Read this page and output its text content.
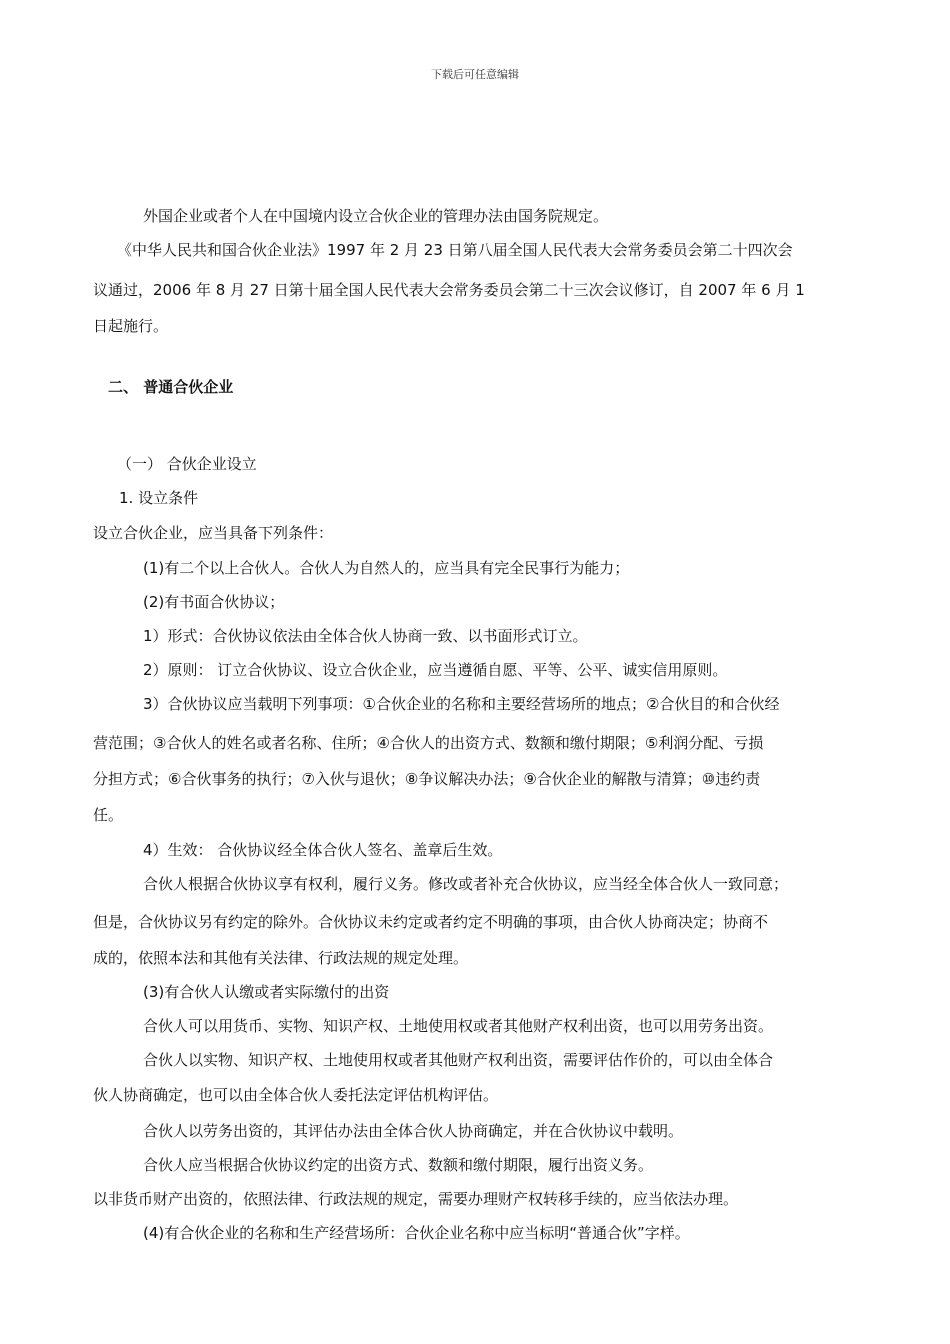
下载后可任意编辑
外国企业或者个人在中国境内设立合伙企业的管理办法由国务院规定。
《中华人民共和国合伙企业法》1997 年 2 月 23 日第八届全国人民代表大会常务委员会第二十四次会
议通过，2006 年 8 月 27 日第十届全国人民代表大会常务委员会第二十三次会议修订，自 2007 年 6 月 1
日起施行。
二、 普通合伙企业
（一） 合伙企业设立
1. 设立条件
设立合伙企业，应当具备下列条件：
(1)有二个以上合伙人。合伙人为自然人的，应当具有完全民事行为能力；
(2)有书面合伙协议；
1）形式：合伙协议依法由全体合伙人协商一致、以书面形式订立。
2）原则： 订立合伙协议、设立合伙企业，应当遵循自愿、平等、公平、诚实信用原则。
3）合伙协议应当载明下列事项：①合伙企业的名称和主要经营场所的地点；②合伙目的和合伙经
营范围；③合伙人的姓名或者名称、住所；④合伙人的出资方式、数额和缴付期限；⑤利润分配、亏损
分担方式；⑥合伙事务的执行；⑦入伙与退伙；⑧争议解决办法；⑨合伙企业的解散与清算；⑩违约责
任。
4）生效： 合伙协议经全体合伙人签名、盖章后生效。
合伙人根据合伙协议享有权利，履行义务。修改或者补充合伙协议，应当经全体合伙人一致同意；
但是，合伙协议另有约定的除外。合伙协议未约定或者约定不明确的事项，由合伙人协商决定；协商不
成的，依照本法和其他有关法律、行政法规的规定处理。
(3)有合伙人认缴或者实际缴付的出资
合伙人可以用货币、实物、知识产权、土地使用权或者其他财产权利出资，也可以用劳务出资。
合伙人以实物、知识产权、土地使用权或者其他财产权利出资，需要评估作价的，可以由全体合
伙人协商确定，也可以由全体合伙人委托法定评估机构评估。
合伙人以劳务出资的，其评估办法由全体合伙人协商确定，并在合伙协议中载明。
合伙人应当根据合伙协议约定的出资方式、数额和缴付期限，履行出资义务。
以非货币财产出资的，依照法律、行政法规的规定，需要办理财产权转移手续的，应当依法办理。
(4)有合伙企业的名称和生产经营场所：合伙企业名称中应当标明“普通合伙”字样。
